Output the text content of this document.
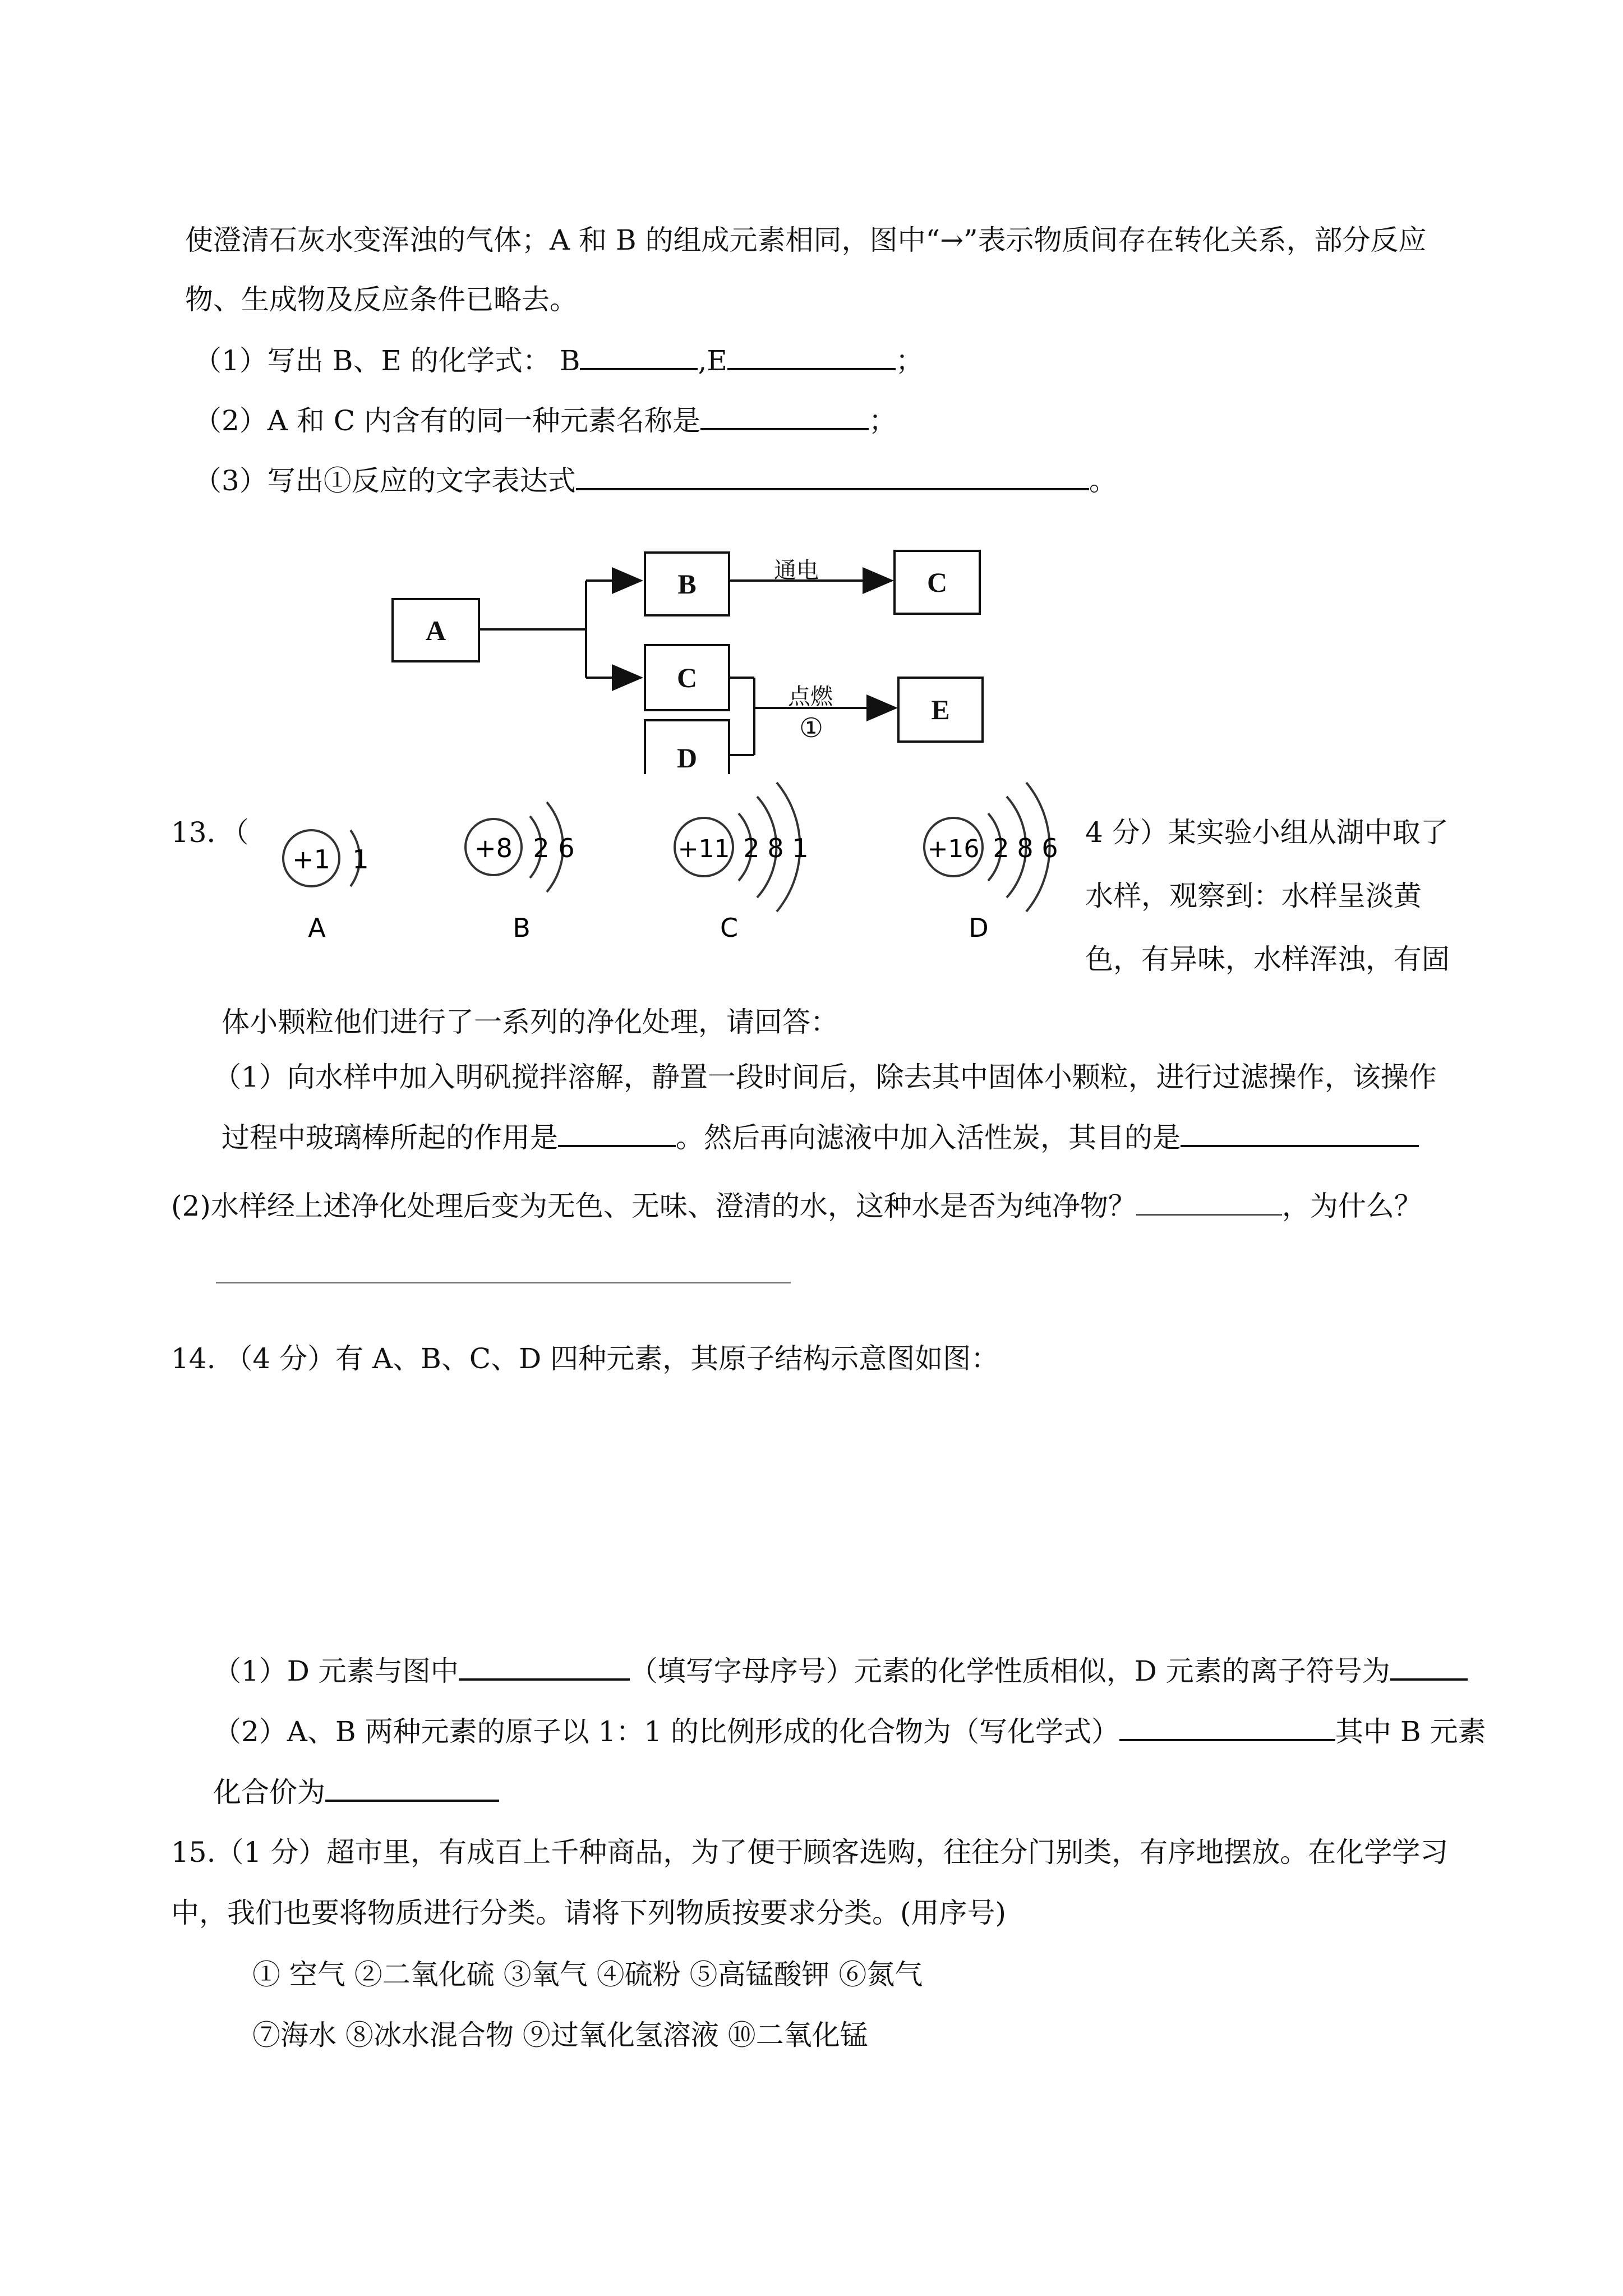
使澄清石灰水变浑浊的气体；A 和 B 的组成元素相同，图中“→”表示物质间存在转化关系，部分反应
物、生成物及反应条件已略去。
（1）写出 B、E 的化学式： B	,E	；
（2）A 和 C 内含有的同一种元素名称是	；
（3）写出①反应的文字表达式	。
A
B	C
C
D
E
通电
点燃
①
13．（
+1 1	+8 2 6	+11 2 8 1	+16 2 8 6
A	B	C	D
4 分）某实验小组从湖中取了
水样，观察到：水样呈淡黄
色，有异味，水样浑浊，有固
体小颗粒他们进行了一系列的净化处理，请回答：
（1）向水样中加入明矾搅拌溶解，静置一段时间后，除去其中固体小颗粒，进行过滤操作，该操作
过程中玻璃棒所起的作用是	。然后再向滤液中加入活性炭，其目的是
(2)水样经上述净化处理后变为无色、无味、澄清的水，这种水是否为纯净物？	，为什么？
14. （4 分）有 A、B、C、D 四种元素，其原子结构示意图如图：
（1）D 元素与图中	（填写字母序号）元素的化学性质相似，D 元素的离子符号为
（2）A、B 两种元素的原子以 1：1 的比例形成的化合物为（写化学式）	其中 B 元素
化合价为
15.（1 分）超市里，有成百上千种商品，为了便于顾客选购，往往分门别类，有序地摆放。在化学学习
中，我们也要将物质进行分类。请将下列物质按要求分类。(用序号)
① 空气 ②二氧化硫 ③氧气 ④硫粉 ⑤高锰酸钾 ⑥氮气
⑦海水 ⑧冰水混合物 ⑨过氧化氢溶液 ⑩二氧化锰
